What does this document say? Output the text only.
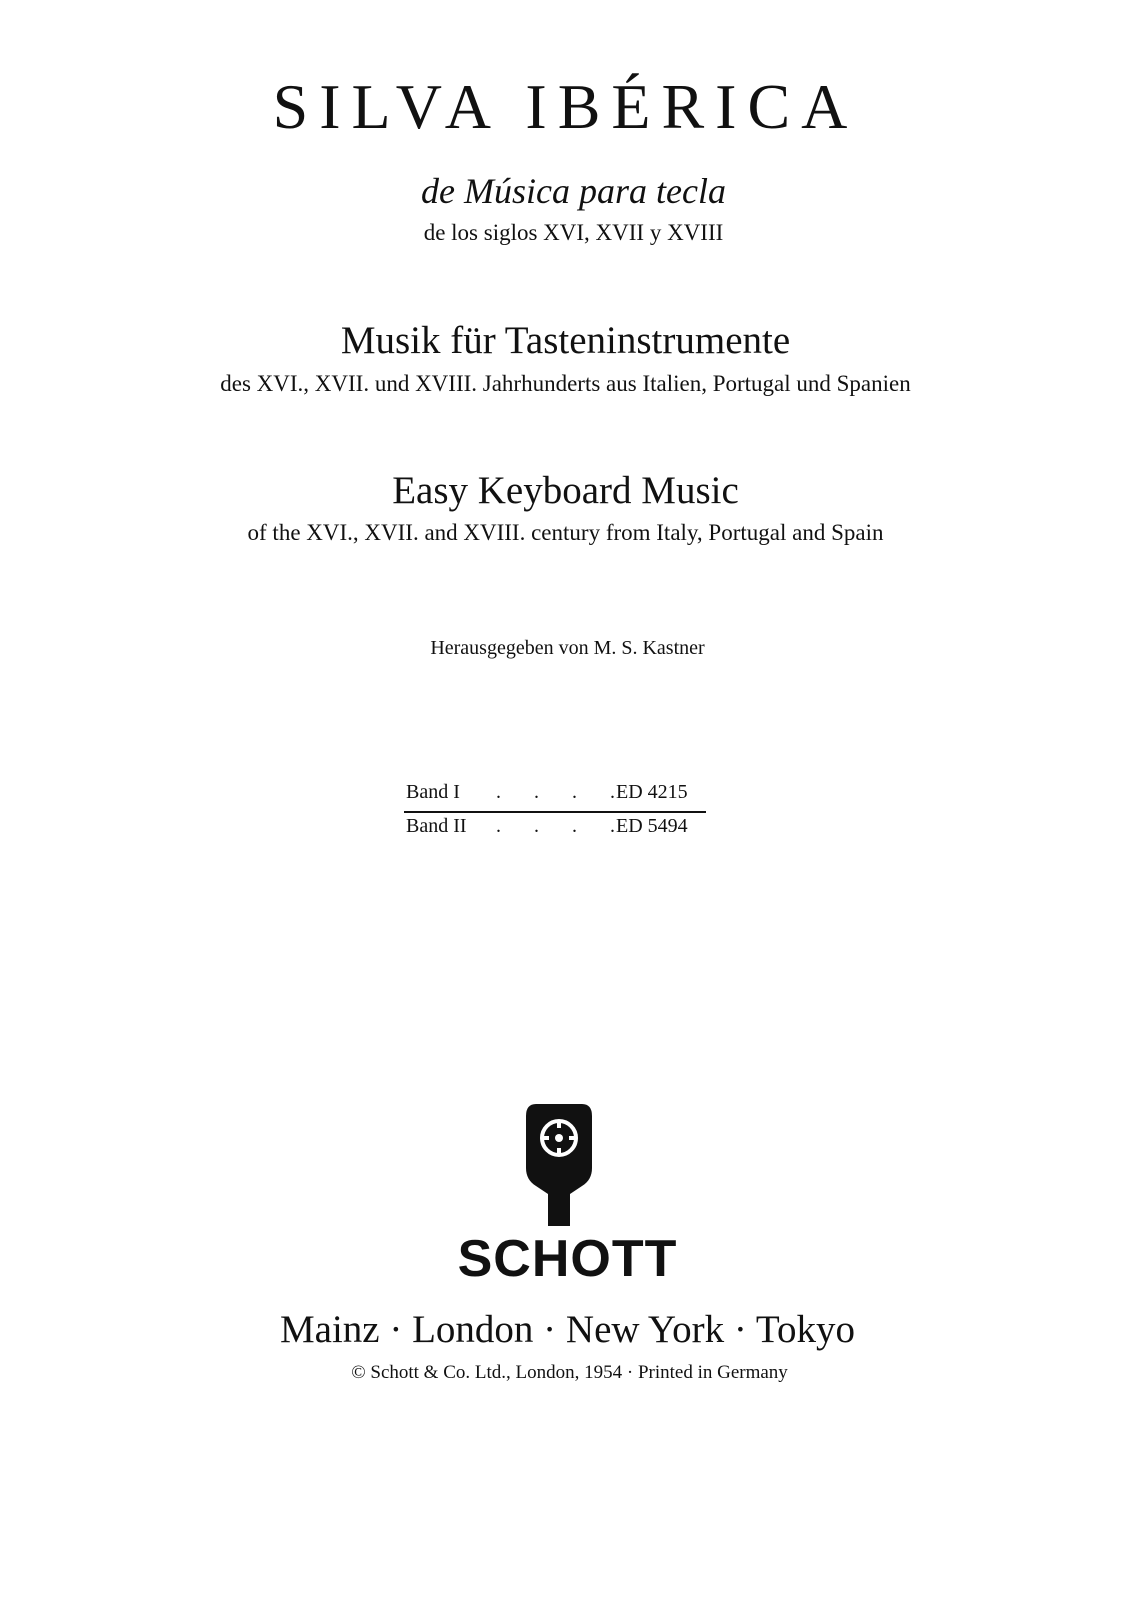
SILVA IBÉRICA
de Música para tecla
de los siglos XVI, XVII y XVIII
Musik für Tasteninstrumente
des XVI., XVII. und XVIII. Jahrhunderts aus Italien, Portugal und Spanien
Easy Keyboard Music
of the XVI., XVII. and XVIII. century from Italy, Portugal and Spain
Herausgegeben von M. S. Kastner
Band I . . . .
ED 4215
Band II . . . .
ED 5494
SCHOTT
Mainz · London · New York · Tokyo
© Schott & Co. Ltd., London, 1954 · Printed in Germany
